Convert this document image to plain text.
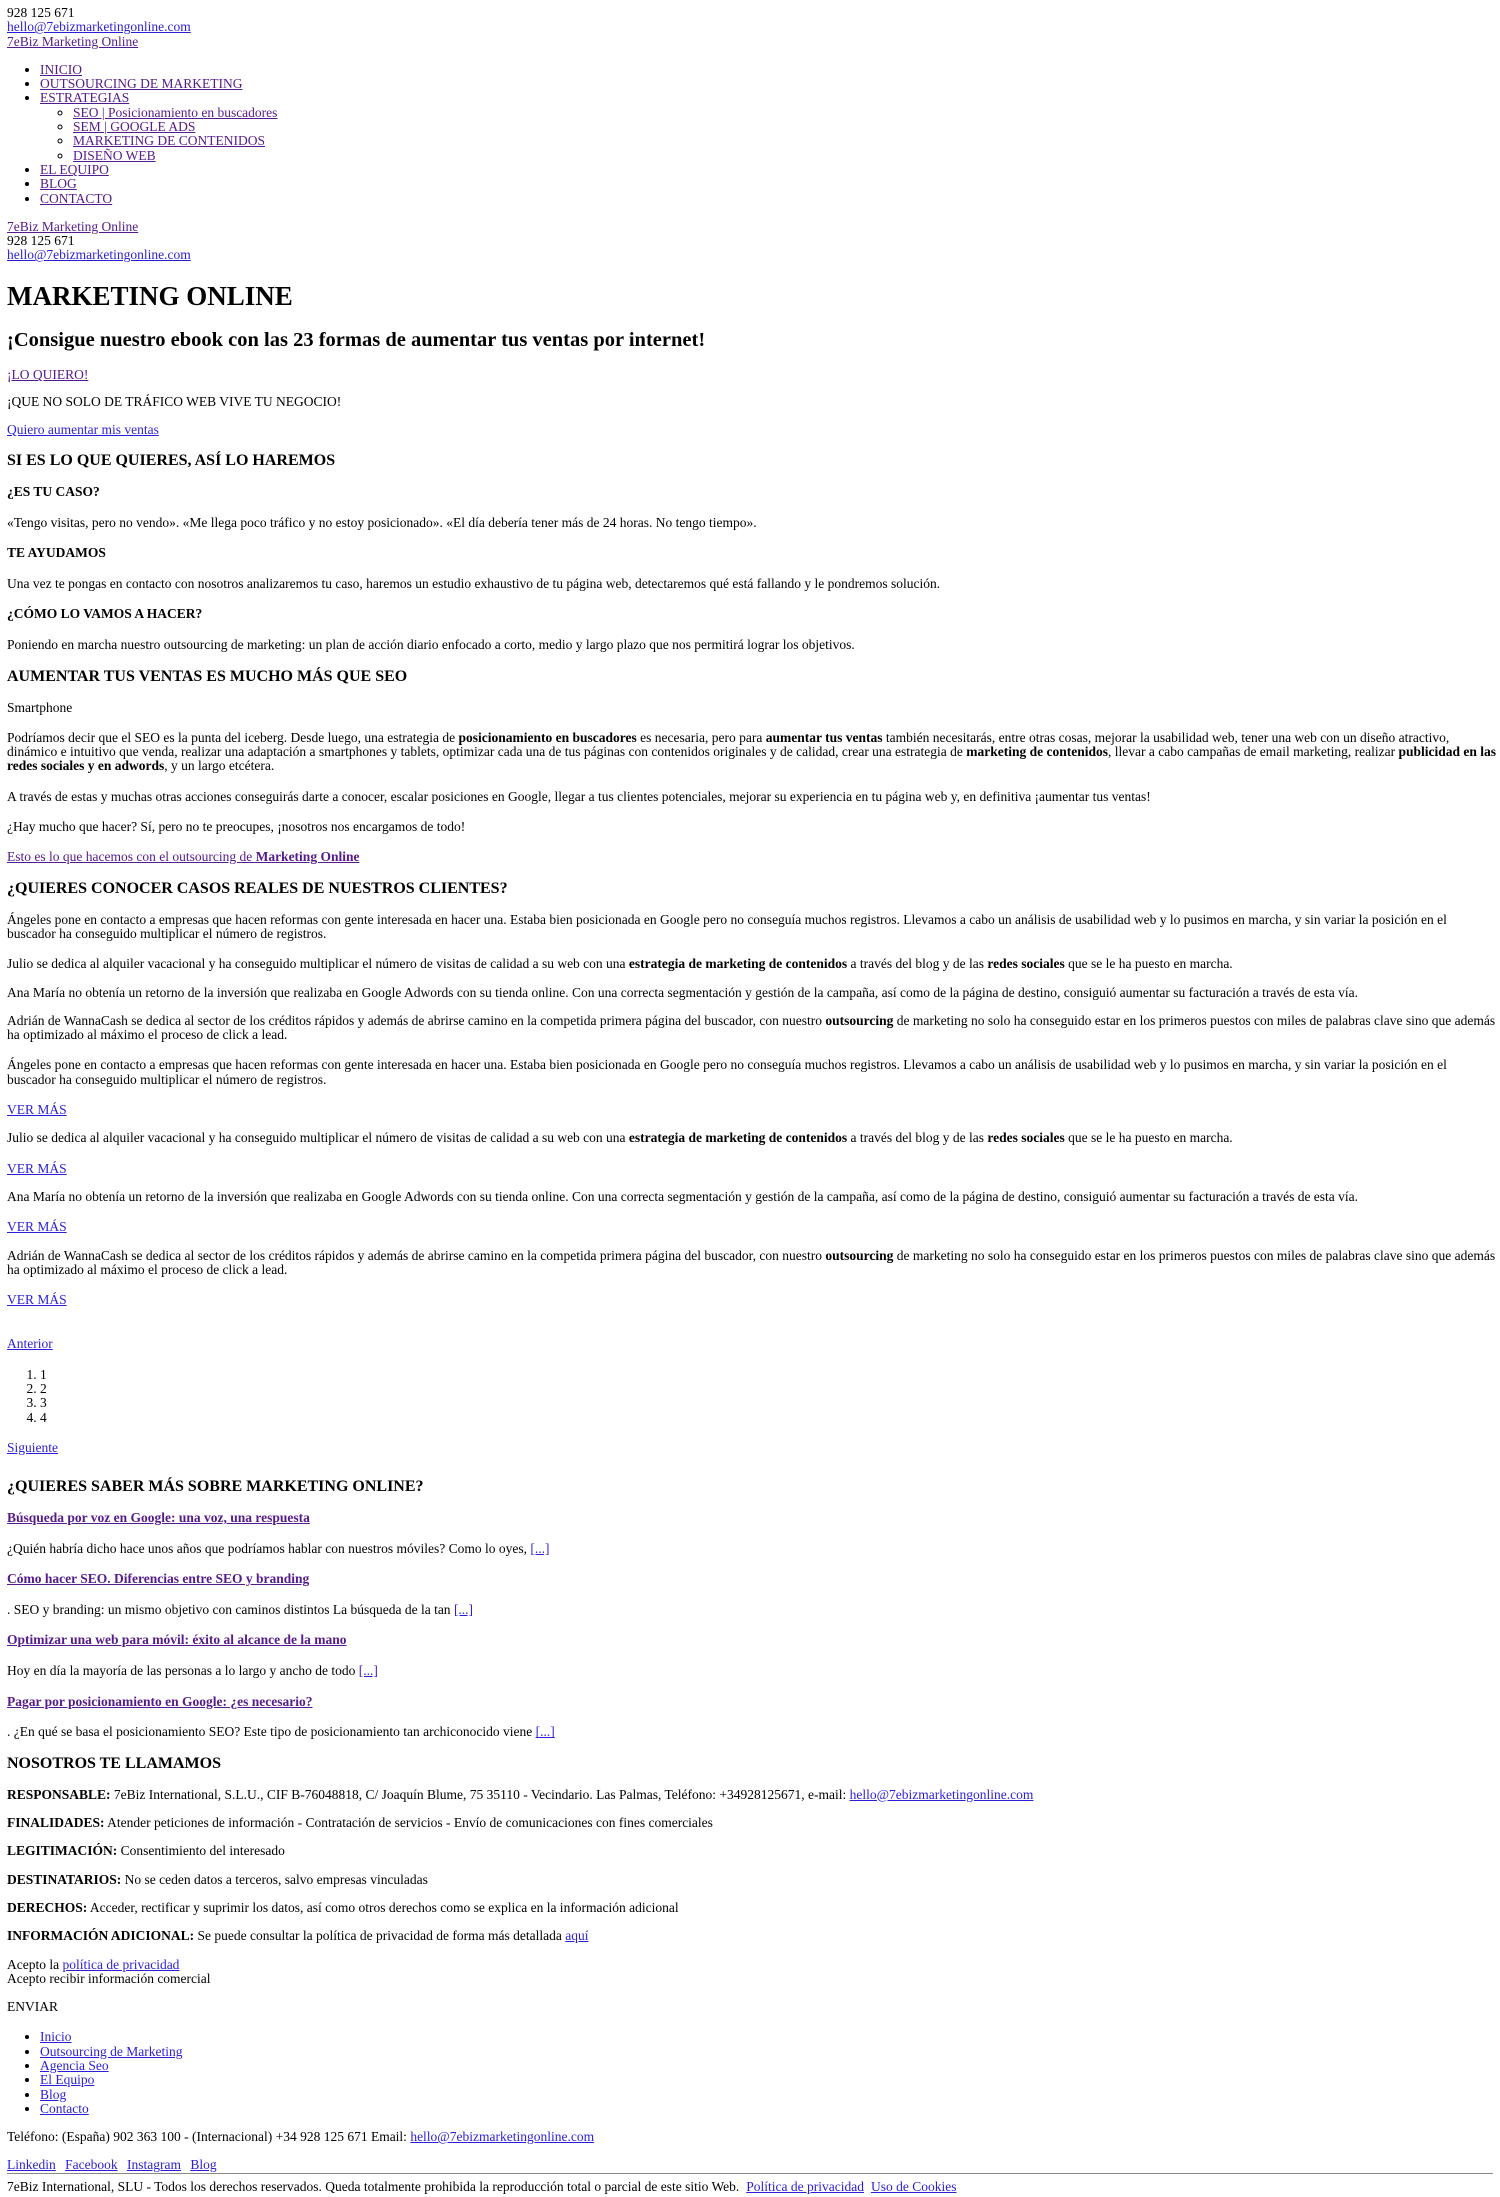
928 125 671
hello@7ebizmarketingonline.com
7eBiz Marketing Online
• INICIO
• OUTSOURCING DE MARKETING
• ESTRATEGIAS
◦ SEO | Posicionamiento en buscadores
◦ SEM | GOOGLE ADS
◦ MARKETING DE CONTENIDOS
◦ DISEÑO WEB
• EL EQUIPO
• BLOG
• CONTACTO
7eBiz Marketing Online
928 125 671
hello@7ebizmarketingonline.com
MARKETING ONLINE
¡Consigue nuestro ebook con las 23 formas de aumentar tus ventas por internet!
¡LO QUIERO!

¡QUE NO SOLO DE TRÁFICO WEB VIVE TU NEGOCIO!

Quiero aumentar mis ventas
SI ES LO QUE QUIERES, ASÍ LO HAREMOS
¿ES TU CASO?

«Tengo visitas, pero no vendo». «Me llega poco tráfico y no estoy posicionado». «El día debería tener más de 24 horas. No tengo tiempo».

TE AYUDAMOS

Una vez te pongas en contacto con nosotros analizaremos tu caso, haremos un estudio exhaustivo de tu página web, detectaremos qué está fallando y le pondremos solución.

¿CÓMO LO VAMOS A HACER?

Poniendo en marcha nuestro outsourcing de marketing: un plan de acción diario enfocado a corto, medio y largo plazo que nos permitirá lograr los objetivos.

AUMENTAR TUS VENTAS ES MUCHO MÁS QUE SEO

Smartphone

Podríamos decir que el SEO es la punta del iceberg. Desde luego, una estrategia de posicionamiento en buscadores es necesaria, pero para aumentar tus ventas también necesitarás, entre otras cosas, mejorar la usabilidad web, tener una web con un diseño atractivo, dinámico e intuitivo que venda, realizar una adaptación a smartphones y tablets, optimizar cada una de tus páginas con contenidos originales y de calidad, crear una estrategia de marketing de contenidos, llevar a cabo campañas de email marketing, realizar publicidad en las redes sociales y en adwords, y un largo etcétera.

A través de estas y muchas otras acciones conseguirás darte a conocer, escalar posiciones en Google, llegar a tus clientes potenciales, mejorar su experiencia en tu página web y, en definitiva ¡aumentar tus ventas!

¿Hay mucho que hacer? Sí, pero no te preocupes, ¡nosotros nos encargamos de todo!

Esto es lo que hacemos con el outsourcing de Marketing Online
¿QUIERES CONOCER CASOS REALES DE NUESTROS CLIENTES?

Ángeles pone en contacto a empresas que hacen reformas con gente interesada en hacer una. Estaba bien posicionada en Google pero no conseguía muchos registros. Llevamos a cabo un análisis de usabilidad web y lo pusimos en marcha, y sin variar la posición en el buscador ha conseguido multiplicar el número de registros.

Julio se dedica al alquiler vacacional y ha conseguido multiplicar el número de visitas de calidad a su web con una estrategia de marketing de contenidos a través del blog y de las redes sociales que se le ha puesto en marcha.

Ana María no obtenía un retorno de la inversión que realizaba en Google Adwords con su tienda online. Con una correcta segmentación y gestión de la campaña, así como de la página de destino, consiguió aumentar su facturación a través de esta vía.

Adrián de WannaCash se dedica al sector de los créditos rápidos y además de abrirse camino en la competida primera página del buscador, con nuestro outsourcing de marketing no solo ha conseguido estar en los primeros puestos con miles de palabras clave sino que además ha optimizado al máximo el proceso de click a lead.

Ángeles pone en contacto a empresas que hacen reformas con gente interesada en hacer una. Estaba bien posicionada en Google pero no conseguía muchos registros. Llevamos a cabo un análisis de usabilidad web y lo pusimos en marcha, y sin variar la posición en el buscador ha conseguido multiplicar el número de registros.

VER MÁS

Julio se dedica al alquiler vacacional y ha conseguido multiplicar el número de visitas de calidad a su web con una estrategia de marketing de contenidos a través del blog y de las redes sociales que se le ha puesto en marcha.

VER MÁS

Ana María no obtenía un retorno de la inversión que realizaba en Google Adwords con su tienda online. Con una correcta segmentación y gestión de la campaña, así como de la página de destino, consiguió aumentar su facturación a través de esta vía.

VER MÁS

Adrián de WannaCash se dedica al sector de los créditos rápidos y además de abrirse camino en la competida primera página del buscador, con nuestro outsourcing de marketing no solo ha conseguido estar en los primeros puestos con miles de palabras clave sino que además ha optimizado al máximo el proceso de click a lead.

VER MÁS
Anterior
1. 1
2. 2
3. 3
4. 4
Siguiente
¿QUIERES SABER MÁS SOBRE MARKETING ONLINE?
Búsqueda por voz en Google: una voz, una respuesta

¿Quién habría dicho hace unos años que podríamos hablar con nuestros móviles? Como lo oyes, [...]

Cómo hacer SEO. Diferencias entre SEO y branding

. SEO y branding: un mismo objetivo con caminos distintos La búsqueda de la tan [...]

Optimizar una web para móvil: éxito al alcance de la mano

Hoy en día la mayoría de las personas a lo largo y ancho de todo [...]

Pagar por posicionamiento en Google: ¿es necesario?

. ¿En qué se basa el posicionamiento SEO? Este tipo de posicionamiento tan archiconocido viene [...]

NOSOTROS TE LLAMAMOS

RESPONSABLE: 7eBiz International, S.L.U., CIF B-76048818, C/ Joaquín Blume, 75 35110 - Vecindario. Las Palmas, Teléfono: +34928125671, e-mail: hello@7ebizmarketingonline.com

FINALIDADES: Atender peticiones de información - Contratación de servicios - Envío de comunicaciones con fines comerciales

LEGITIMACIÓN: Consentimiento del interesado

DESTINATARIOS: No se ceden datos a terceros, salvo empresas vinculadas

DERECHOS: Acceder, rectificar y suprimir los datos, así como otros derechos como se explica en la información adicional

INFORMACIÓN ADICIONAL: Se puede consultar la política de privacidad de forma más detallada aquí

Acepto la política de privacidad
Acepto recibir información comercial
ENVIAR
• Inicio
• Outsourcing de Marketing
• Agencia Seo
• El Equipo
• Blog
• Contacto

Teléfono: (España) 902 363 100 - (Internacional) +34 928 125 671 Email: hello@7ebizmarketingonline.com

Linkedin Facebook Instagram Blog

7eBiz International, SLU - Todos los derechos reservados. Queda totalmente prohibida la reproducción total o parcial de este sitio Web. Política de privacidad Uso de Cookies
